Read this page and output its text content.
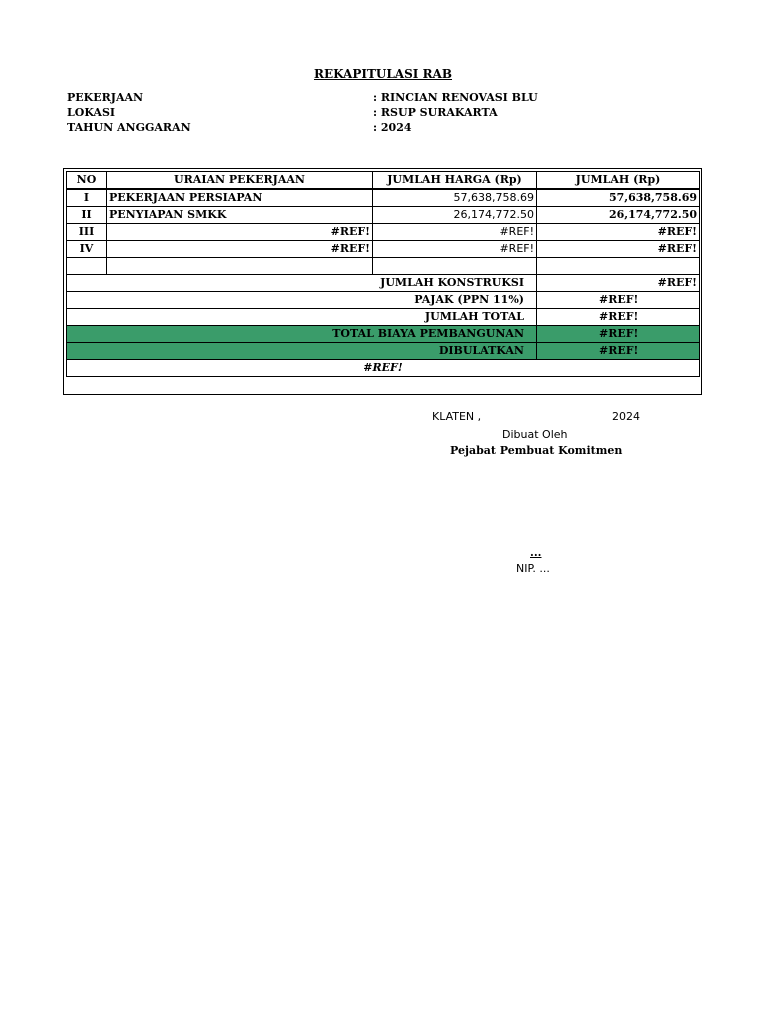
REKAPITULASI RAB
PEKERJAAN	: RINCIAN RENOVASI BLU
LOKASI	: RSUP SURAKARTA
TAHUN ANGGARAN	: 2024
NO	URAIAN PEKERJAAN	JUMLAH HARGA (Rp)	JUMLAH (Rp)
I	PEKERJAAN PERSIAPAN	57,638,758.69	57,638,758.69
II	PENYIAPAN SMKK	26,174,772.50	26,174,772.50
III	#REF!	#REF!	#REF!
IV	#REF!	#REF!	#REF!

JUMLAH KONSTRUKSI			#REF!
PAJAK (PPN 11%)			#REF!
JUMLAH TOTAL			#REF!
TOTAL BIAYA PEMBANGUNAN			#REF!
DIBULATKAN			#REF!
#REF!			
KLATEN ,	2024
Dibuat Oleh
Pejabat Pembuat Komitmen
...
NIP. ...
